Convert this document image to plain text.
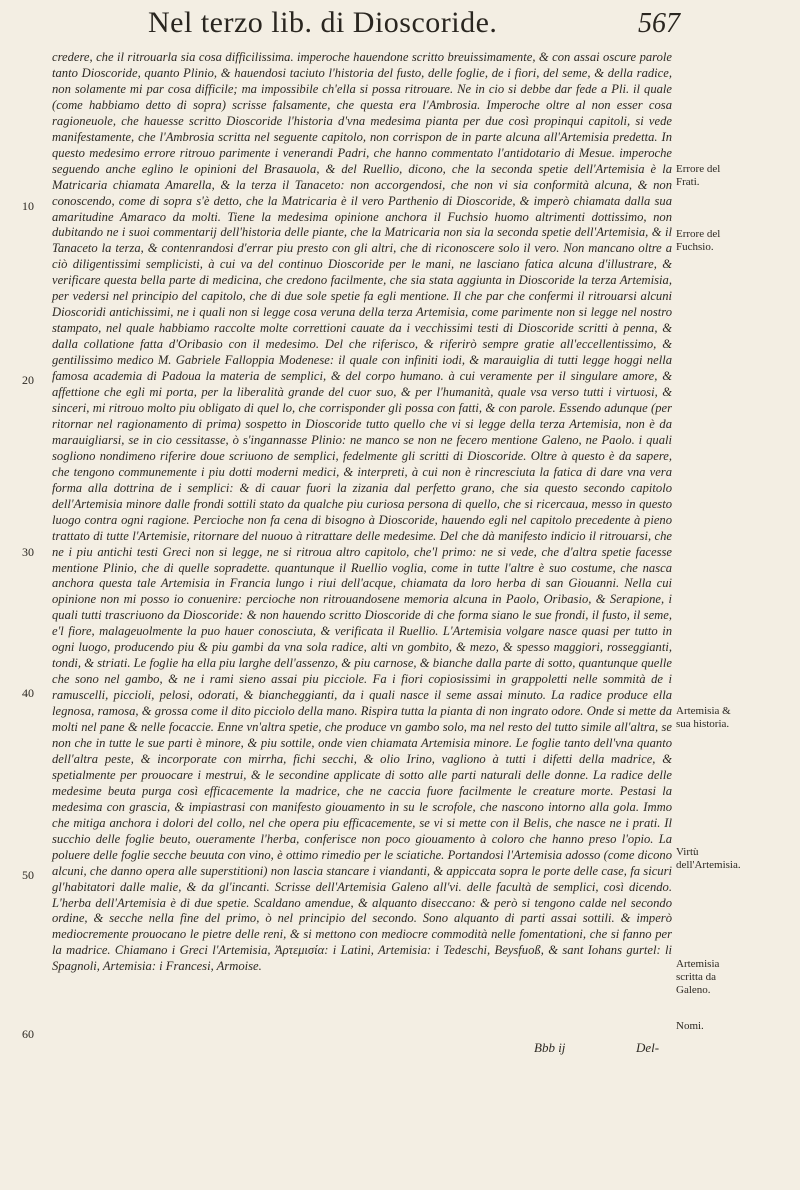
Nel terzo lib. di Dioscoride.	567

credere, che il ritrouarla sia cosa difficilissima. imperoche hauendone scritto breuissimamente, & con assai oscure parole tanto Dioscoride, quanto Plinio, & hauendosi taciuto l'historia del fusto, delle foglie, de i fiori, del seme, & della radice, non solamente mi par cosa difficile; ma impossibile ch'ella si possa ritrouare. Ne in cio si debbe dar fede a Pli. il quale (come habbiamo detto di sopra) scrisse falsamente, che questa era l'Ambrosia. Imperoche oltre al non esser cosa ragioneuole, che hauesse scritto Dioscoride l'historia d'vna medesima pianta per due così propinqui capitoli, si vede manifestamente, che l'Ambrosia scritta nel seguente capitolo, non corrispon de in parte alcuna all'Artemisia predetta. In questo medesimo errore ritrouo parimente i venerandi Padri, che hanno commentato l'antidotario di Mesue. imperoche seguendo anche eglino le opinioni del Brasauola, & del Ruellio, dicono, che la seconda spetie dell'Artemisia è la Matricaria chiamata Amarella, & la terza il Tanaceto: non accorgendosi, che non vi sia conformità alcuna, & non conoscendo, come di sopra s'è detto, che la Matricaria è il vero Parthenio di Dioscoride, & imperò chiamata dalla sua amaritudine Amaraco da molti. Tiene la medesima opinione anchora il Fuchsio huomo altrimenti dottissimo, non dubitando ne i suoi commentarij dell'historia delle piante, che la Matricaria non sia la seconda spetie dell'Artemisia, & il Tanaceto la terza, & contenrandosi d'errar piu presto con gli altri, che di riconoscere solo il vero. Non mancano oltre a ciò diligentissimi semplicisti, à cui va del continuo Dioscoride per le mani, ne lasciano fatica alcuna d'illustrare, & verificare questa bella parte di medicina, che credono facilmente, che sia stata aggiunta in Dioscoride la terza Artemisia, per vedersi nel principio del capitolo, che di due sole spetie fa egli mentione. Il che par che confermi il ritrouarsi alcuni Dioscoridi antichissimi, ne i quali non si legge cosa veruna della terza Artemisia, come parimente non si legge nel nostro stampato, nel quale habbiamo raccolte molte correttioni cauate da i vecchissimi testi di Dioscoride scritti à penna, & dalla collatione fatta d'Oribasio con il medesimo. Del che riferisco, & riferirò sempre gratie all'eccellentissimo, & gentilissimo medico M. Gabriele Falloppia Modenese: il quale con infiniti iodi, & marauiglia di tutti legge hoggi nella famosa academia di Padoua la materia de semplici, & del corpo humano. à cui veramente per il singulare amore, & affettione che egli mi porta, per la liberalità grande del cuor suo, & per l'humanità, quale vsa verso tutti i virtuosi, & sinceri, mi ritrouo molto piu obligato di quel lo, che corrisponder gli possa con fatti, & con parole. Essendo adunque (per ritornar nel ragionamento di prima) sospetto in Dioscoride tutto quello che vi si legge della terza Artemisia, non è da marauigliarsi, se in cio cessitasse, ò s'ingannasse Plinio: ne manco se non ne fecero mentione Galeno, ne Paolo. i quali sogliono nondimeno riferire doue scriuono de semplici, fedelmente gli scritti di Dioscoride. Oltre à questo è da sapere, che tengono communemente i piu dotti moderni medici, & interpreti, à cui non è rincresciuta la fatica di dare vna vera forma alla dottrina de i semplici: & di cauar fuori la zizania dal perfetto grano, che sia questo secondo capitolo dell'Artemisia minore dalle frondi sottili stato da qualche piu curiosa persona di quello, che si ricercaua, messo in questo luogo contra ogni ragione. Percioche non fa cena di bisogno à Dioscoride, hauendo egli nel capitolo precedente à pieno trattato di tutte l'Artemisie, ritornare del nuouo à ritrattare delle medesime. Del che dà manifesto indicio il ritrouarsi, che ne i piu antichi testi Greci non si legge, ne si ritroua altro capitolo, che'l primo: ne si vede, che d'altra spetie facesse mentione Plinio, che di quelle sopradette. quantunque il Ruellio voglia, come in tutte l'altre è suo costume, che nasca anchora questa tale Artemisia in Francia lungo i riui dell'acque, chiamata da loro herba di san Giouanni. Nella cui opinione non mi posso io conuenire: percioche non ritrouandosene memoria alcuna in Paolo, Oribasio, & Serapione, i quali tutti trascriuono da Dioscoride: & non hauendo scritto Dioscoride di che forma siano le sue frondi, il fusto, il seme, e'l fiore, malageuolmente la puo hauer conosciuta, & verificata il Ruellio. L'Artemisia volgare nasce quasi per tutto in ogni luogo, producendo piu & piu gambi da vna sola radice, alti vn gombito, & mezo, & spesso maggiori, rosseggianti, tondi, & striati. Le foglie ha ella piu larghe dell'assenzo, & piu carnose, & bianche dalla parte di sotto, quantunque quelle che sono nel gambo, & ne i rami sieno assai piu picciole. Fa i fiori copiosissimi in grappoletti nelle sommità de i ramuscelli, piccioli, pelosi, odorati, & biancheggianti, da i quali nasce il seme assai minuto. La radice produce ella legnosa, ramosa, & grossa come il dito picciolo della mano. Rispira tutta la pianta di non ingrato odore. Onde si mette da molti nel pane & nelle focaccie. Enne vn'altra spetie, che produce vn gambo solo, ma nel resto del tutto simile all'altra, se non che in tutte le sue parti è minore, & piu sottile, onde vien chiamata Artemisia minore. Le foglie tanto dell'vna quanto dell'altra peste, & incorporate con mirrha, fichi secchi, & olio Irino, vagliono à tutti i difetti della madrice, & spetialmente per prouocare i mestrui, & le secondine applicate di sotto alle parti naturali delle donne. La radice delle medesime beuta purga così efficacemente la madrice, che ne caccia fuore facilmente le creature morte. Pestasi la medesima con grascia, & impiastrasi con manifesto giouamento in su le scrofole, che nascono intorno alla gola. Immo che mitiga anchora i dolori del collo, nel che opera piu efficacemente, se vi si mette con il Belis, che nasce ne i prati. Il succhio delle foglie beuto, oueramente l'herba, conferisce non poco giouamento à coloro che hanno preso l'opio. La poluere delle foglie secche beuuta con vino, è ottimo rimedio per le sciatiche. Portandosi l'Artemisia adosso (come dicono alcuni, che danno opera alle superstitioni) non lascia stancare i viandanti, & appiccata sopra le porte delle case, fa sicuri gl'habitatori dalle malie, & da gl'incanti. Scrisse dell'Artemisia Galeno all'vi. delle facultà de semplici, così dicendo. L'herba dell'Artemisia è di due spetie. Scaldano amendue, & alquanto diseccano: & però si tengono calde nel secondo ordine, & secche nella fine del primo, ò nel principio del secondo. Sono alquanto di parti assai sottili. & imperò mediocremente prouocano le pietre delle reni, & si mettono con mediocre commodità nelle fomentationi, che si fanno per la madrice. Chiamano i Greci l'Artemisia, Ἀρτεμισία: i Latini, Artemisia: i Tedeschi, Beysfuoß, & sant Iohans gurtel: li Spagnoli, Artemisia: i Francesi, Armoise.

10
20
30
40
50
60
Errore del Frati.
Errore del Fuchsio.
Artemisia & sua historia.
Virtù dell'Artemisia.
Artemisia scritta da Galeno.
Nomi.
Bbb ij	Del-
